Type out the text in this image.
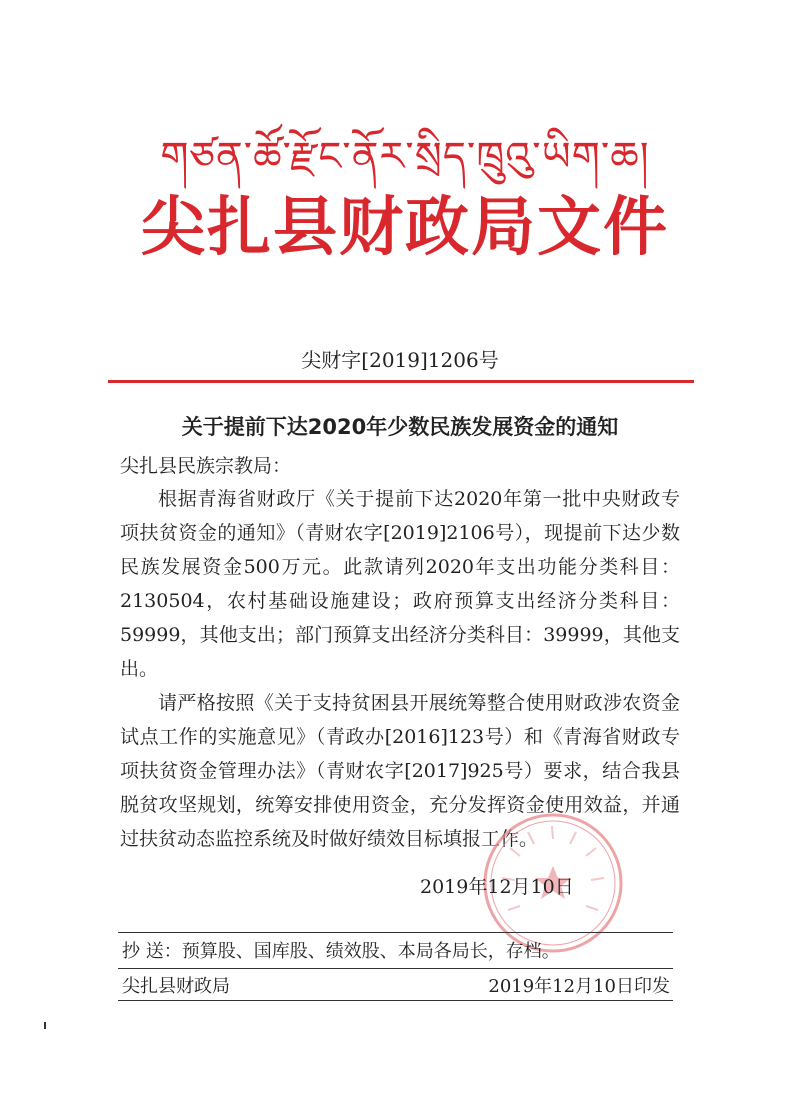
གཙན་ཚོ་རྫོང་ནོར་སྲིད་ཁྲུའུ་ཡིག་ཆ།
尖扎县财政局文件
尖财字[2019]1206号
关于提前下达2020年少数民族发展资金的通知
尖扎县民族宗教局：

根据青海省财政厅《关于提前下达2020年第一批中央财政专项扶贫资金的通知》（青财农字[2019]2106号），现提前下达少数民族发展资金500万元。此款请列2020年支出功能分类科目：2130504，农村基础设施建设；政府预算支出经济分类科目：59999，其他支出；部门预算支出经济分类科目：39999，其他支出。

请严格按照《关于支持贫困县开展统筹整合使用财政涉农资金试点工作的实施意见》（青政办[2016]123号）和《青海省财政专项扶贫资金管理办法》（青财农字[2017]925号）要求，结合我县脱贫攻坚规划，统筹安排使用资金，充分发挥资金使用效益，并通过扶贫动态监控系统及时做好绩效目标填报工作。

2019年12月10日
抄 送：预算股、国库股、绩效股、本局各局长，存档。
尖扎县财政局	2019年12月10日印发
